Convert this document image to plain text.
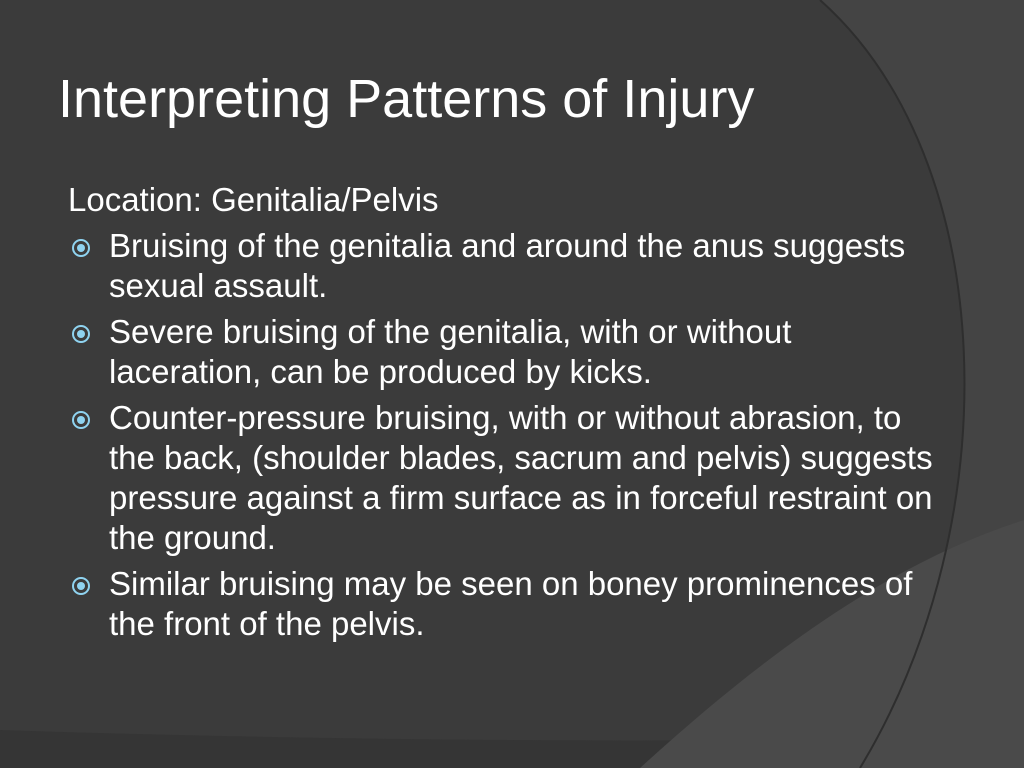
Interpreting Patterns of Injury

Location: Genitalia/Pelvis

Bruising of the genitalia and around the anus suggests sexual assault.
Severe bruising of the genitalia, with or without laceration, can be produced by kicks.
Counter-pressure bruising, with or without abrasion, to the back, (shoulder blades, sacrum and pelvis) suggests pressure against a firm surface as in forceful restraint on the ground.
Similar bruising may be seen on boney prominences of the front of the pelvis.
